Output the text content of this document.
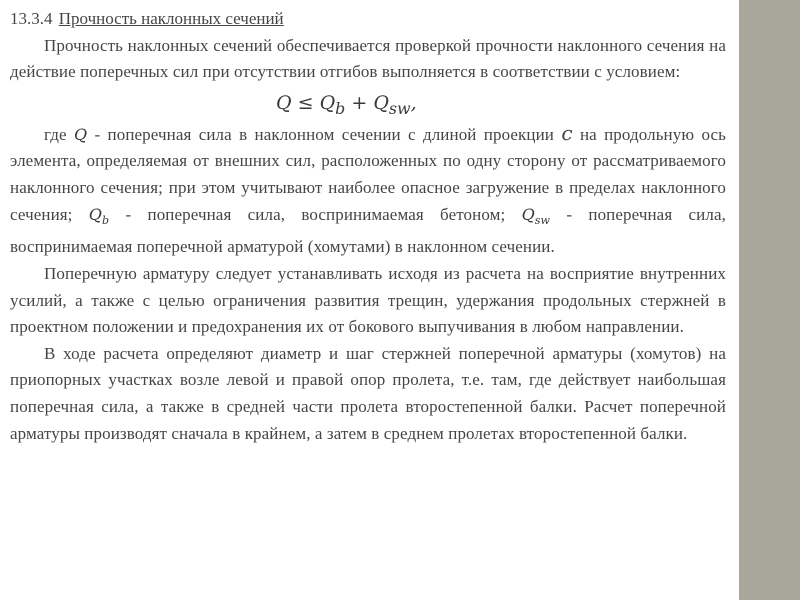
13.3.4 Прочность наклонных сечений

Прочность наклонных сечений обеспечивается проверкой прочности наклонного сечения на действие поперечных сил при отсутствии отгибов выполняется в соответствии с условием:

$Q \le Q_b + Q_{sw}$,

где Q - поперечная сила в наклонном сечении с длиной проекции c на продольную ось элемента, определяемая от внешних сил, расположенных по одну сторону от рассматриваемого наклонного сечения; при этом учитывают наиболее опасное загружение в пределах наклонного сечения; $Q_b$ - поперечная сила, воспринимаемая бетоном; $Q_{sw}$ - поперечная сила, воспринимаемая поперечной арматурой (хомутами) в наклонном сечении.

Поперечную арматуру следует устанавливать исходя из расчета на восприятие внутренних усилий, а также с целью ограничения развития трещин, удержания продольных стержней в проектном положении и предохранения их от бокового выпучивания в любом направлении.

В ходе расчета определяют диаметр и шаг стержней поперечной арматуры (хомутов) на приопорных участках возле левой и правой опор пролета, т.е. там, где действует наибольшая поперечная сила, а также в средней части пролета второстепенной балки. Расчет поперечной арматуры производят сначала в крайнем, а затем в среднем пролетах второстепенной балки.
